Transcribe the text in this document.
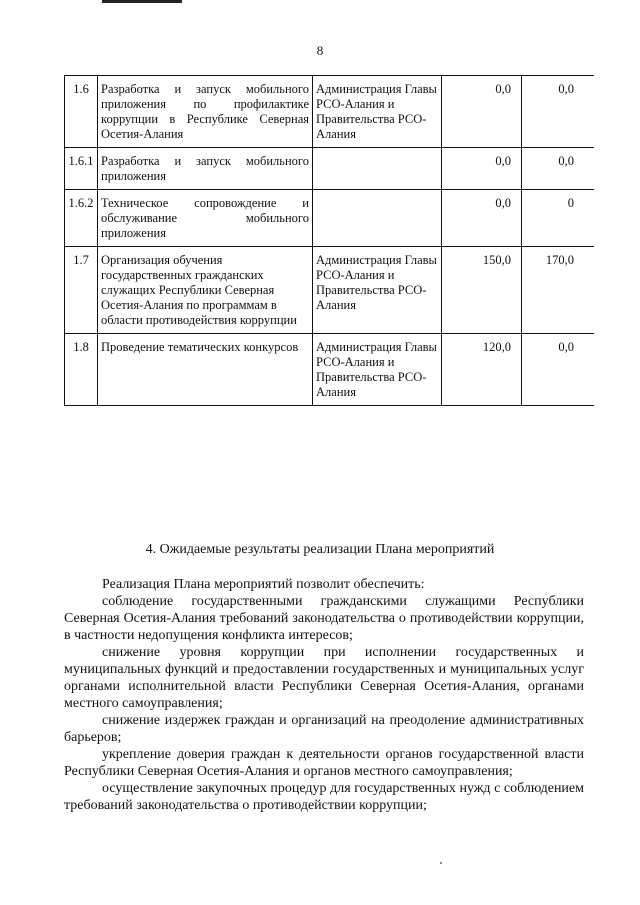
8
1.6	Разработка и запуск мобильного приложения по профилактике коррупции в Республике Северная Осетия-Алания	Администрация Главы РСО-Алания и Правительства РСО-Алания	0,0	0,0
1.6.1	Разработка и запуск мобильного приложения		0,0	0,0
1.6.2	Техническое сопровождение и обслуживание мобильного приложения		0,0	0
1.7	Организация обучения государственных гражданских служащих Республики Северная Осетия-Алания по программам в области противодействия коррупции	Администрация Главы РСО-Алания и Правительства РСО-Алания	150,0	170,0
1.8	Проведение тематических конкурсов	Администрация Главы РСО-Алания и Правительства РСО-Алания	120,0	0,0
4. Ожидаемые результаты реализации Плана мероприятий

Реализация Плана мероприятий позволит обеспечить:

соблюдение государственными гражданскими служащими Республики Северная Осетия-Алания требований законодательства о противодействии коррупции, в частности недопущения конфликта интересов;

снижение уровня коррупции при исполнении государственных и муниципальных функций и предоставлении государственных и муниципальных услуг органами исполнительной власти Республики Северная Осетия-Алания, органами местного самоуправления;

снижение издержек граждан и организаций на преодоление административных барьеров;

укрепление доверия граждан к деятельности органов государственной власти Республики Северная Осетия-Алания и органов местного самоуправления;

осуществление закупочных процедур для государственных нужд с соблюдением требований законодательства о противодействии коррупции;
